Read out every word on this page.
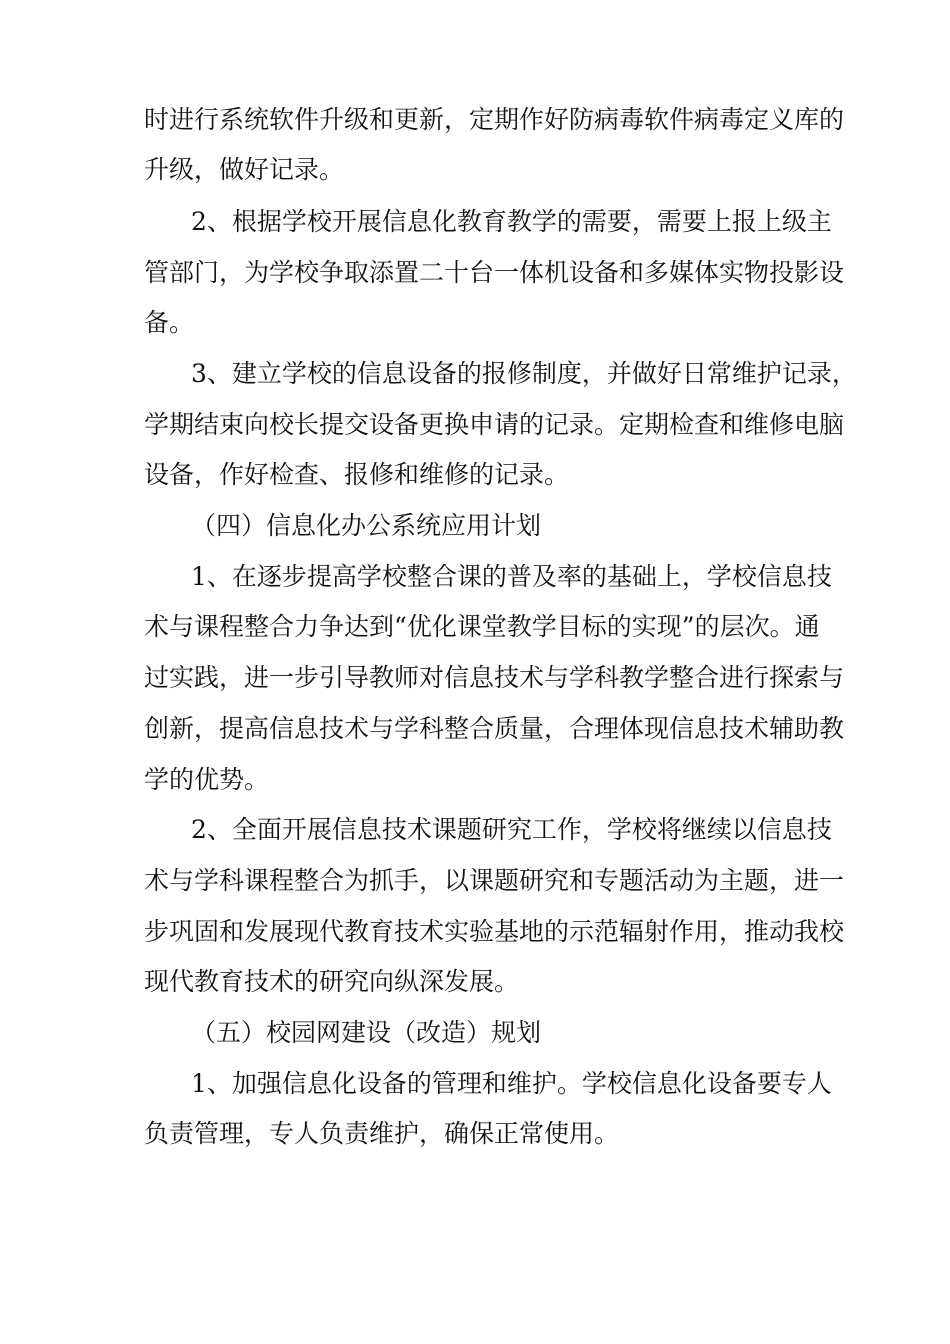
时进行系统软件升级和更新，定期作好防病毒软件病毒定义库的
升级，做好记录。
2、根据学校开展信息化教育教学的需要，需要上报上级主
管部门，为学校争取添置二十台一体机设备和多媒体实物投影设
备。
3、建立学校的信息设备的报修制度，并做好日常维护记录，
学期结束向校长提交设备更换申请的记录。定期检查和维修电脑
设备，作好检查、报修和维修的记录。
（四）信息化办公系统应用计划
1、在逐步提高学校整合课的普及率的基础上，学校信息技
术与课程整合力争达到“优化课堂教学目标的实现”的层次。通
过实践，进一步引导教师对信息技术与学科教学整合进行探索与
创新，提高信息技术与学科整合质量，合理体现信息技术辅助教
学的优势。
2、全面开展信息技术课题研究工作，学校将继续以信息技
术与学科课程整合为抓手，以课题研究和专题活动为主题，进一
步巩固和发展现代教育技术实验基地的示范辐射作用，推动我校
现代教育技术的研究向纵深发展。
（五）校园网建设（改造）规划
1、加强信息化设备的管理和维护。学校信息化设备要专人
负责管理，专人负责维护，确保正常使用。
